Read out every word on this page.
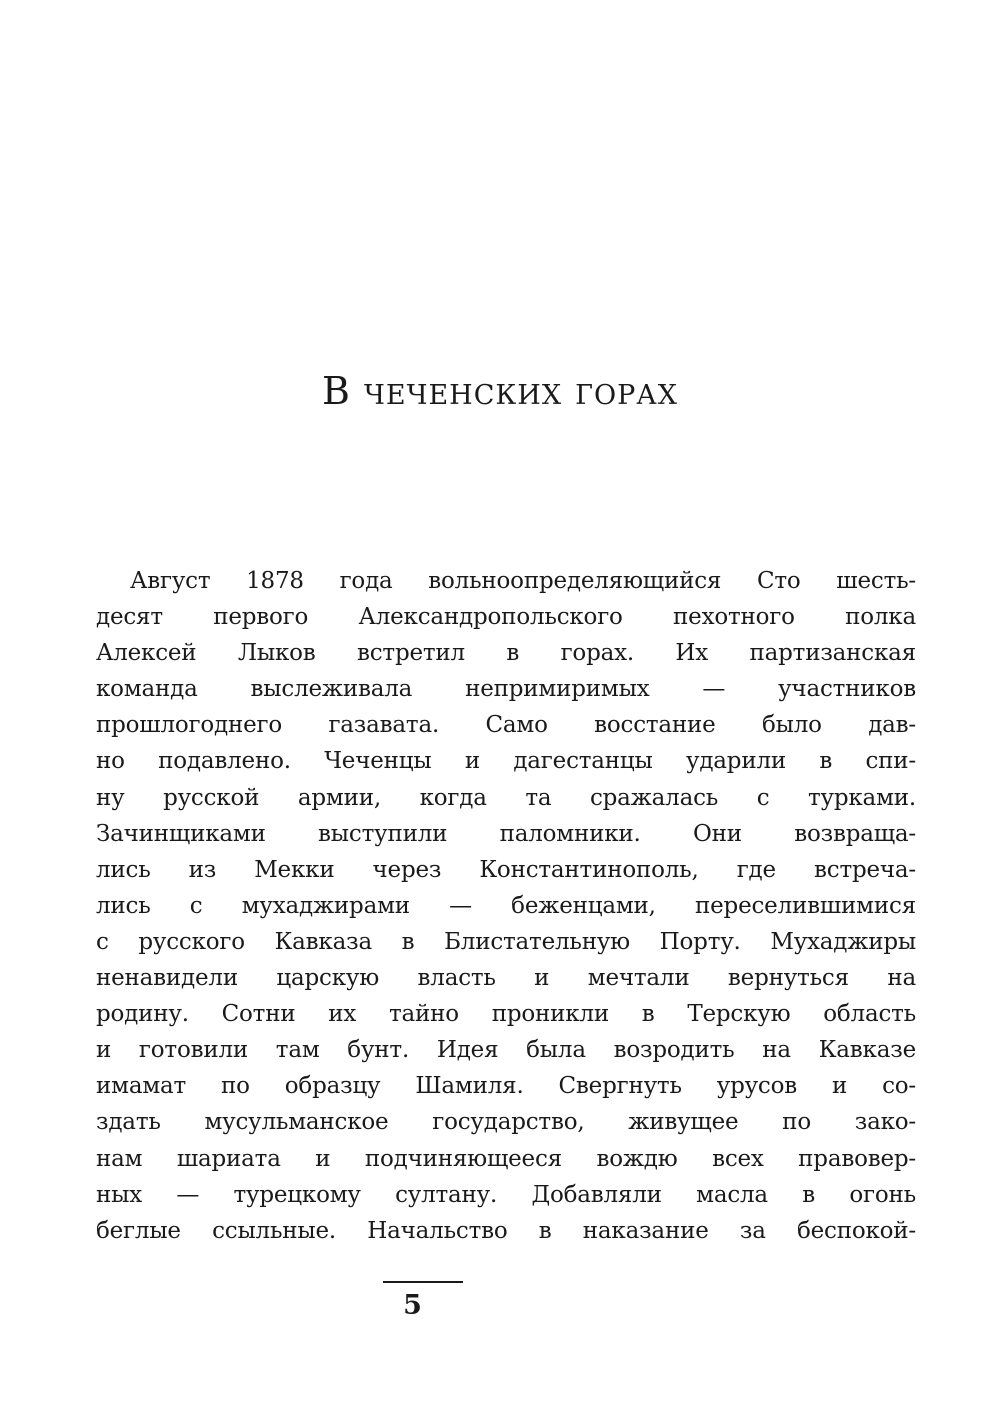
В чеченских горах
Август 1878 года вольноопределяющийся Сто шесть-
десят первого Александропольского пехотного полка
Алексей Лыков встретил в горах. Их партизанская
команда выслеживала непримиримых — участников
прошлогоднего газавата. Само восстание было дав-
но подавлено. Чеченцы и дагестанцы ударили в спи-
ну русской армии, когда та сражалась с турками.
Зачинщиками выступили паломники. Они возвраща-
лись из Мекки через Константинополь, где встреча-
лись с мухаджирами — беженцами, переселившимися
с русского Кавказа в Блистательную Порту. Мухаджиры
ненавидели царскую власть и мечтали вернуться на
родину. Сотни их тайно проникли в Терскую область
и готовили там бунт. Идея была возродить на Кавказе
имамат по образцу Шамиля. Свергнуть урусов и со-
здать мусульманское государство, живущее по зако-
нам шариата и подчиняющееся вождю всех правовер-
ных — турецкому султану. Добавляли масла в огонь
беглые ссыльные. Начальство в наказание за беспокой-
5
